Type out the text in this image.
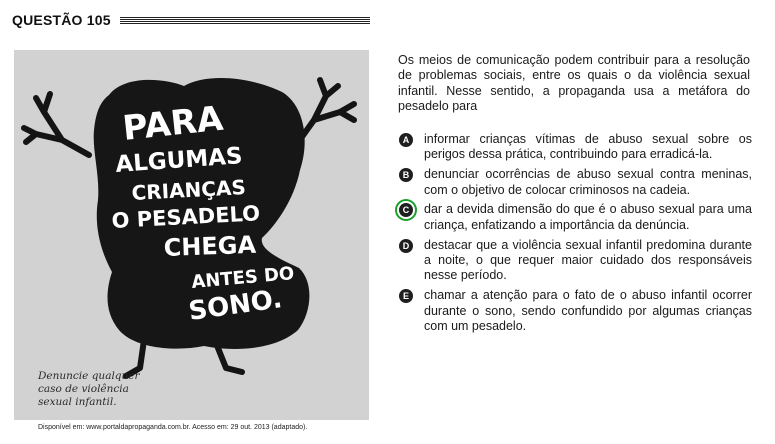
QUESTÃO 105
PARA
ALGUMAS
CRIANÇAS
O PESADELO
CHEGA
ANTES DO
SONO.
Denuncie qualquer
caso de violência
sexual infantil.
Disponível em: www.portaldapropaganda.com.br. Acesso em: 29 out. 2013 (adaptado).
Os meios de comunicação podem contribuir para a resolução de problemas sociais, entre os quais o da violência sexual infantil. Nesse sentido, a propaganda usa a metáfora do pesadelo para
A	informar crianças vítimas de abuso sexual sobre os perigos dessa prática, contribuindo para erradicá-la.
B	denunciar ocorrências de abuso sexual contra meninas, com o objetivo de colocar criminosos na cadeia.
C	dar a devida dimensão do que é o abuso sexual para uma criança, enfatizando a importância da denúncia.
D	destacar que a violência sexual infantil predomina durante a noite, o que requer maior cuidado dos responsáveis nesse período.
E	chamar a atenção para o fato de o abuso infantil ocorrer durante o sono, sendo confundido por algumas crianças com um pesadelo.
